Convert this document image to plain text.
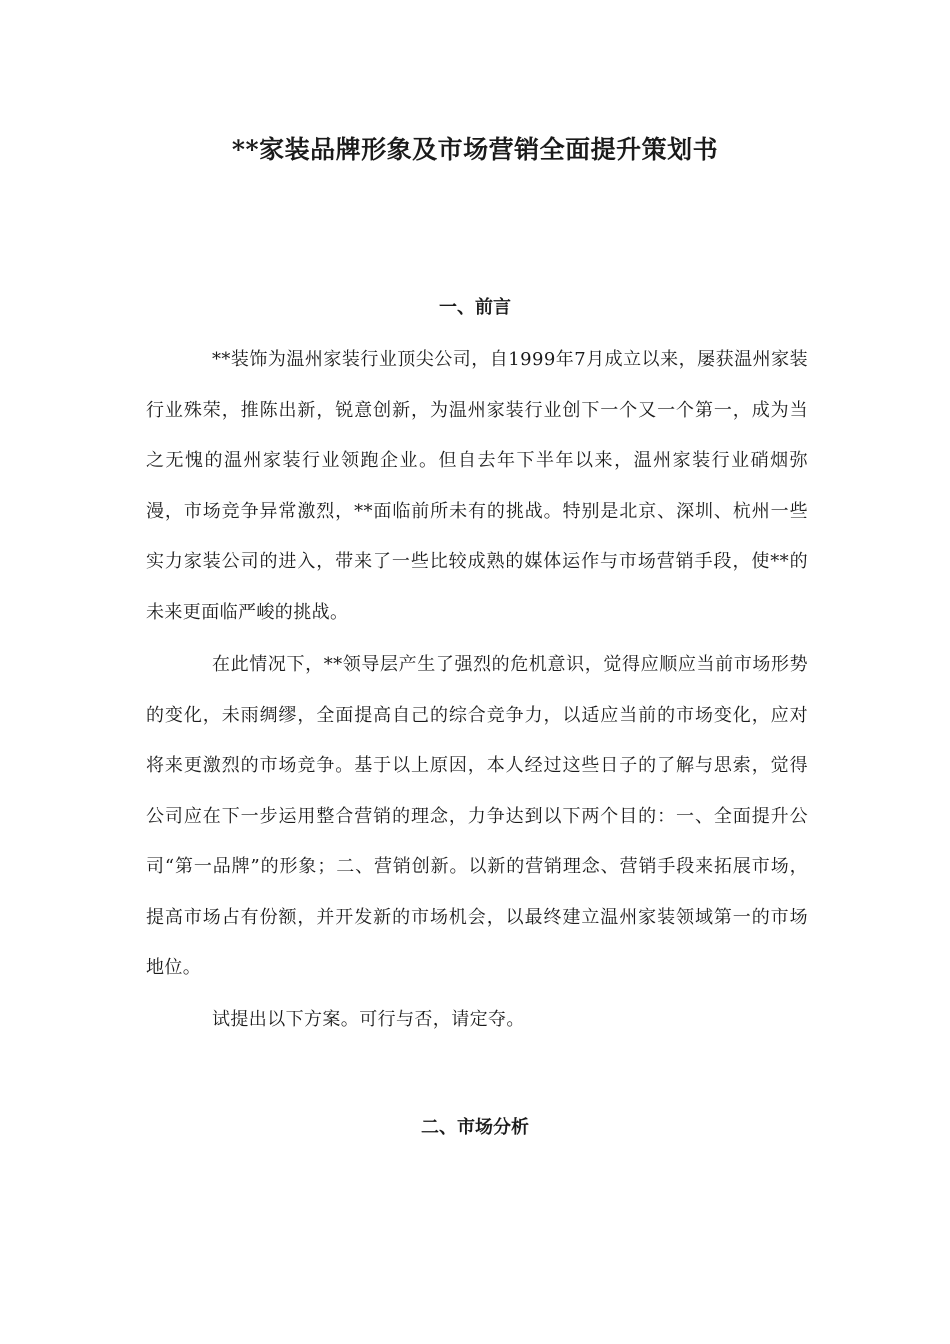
**家装品牌形象及市场营销全面提升策划书
一、前言

**装饰为温州家装行业顶尖公司，自1999年7月成立以来，屡获温州家装行业殊荣，推陈出新，锐意创新，为温州家装行业创下一个又一个第一，成为当之无愧的温州家装行业领跑企业。但自去年下半年以来，温州家装行业硝烟弥漫，市场竞争异常激烈，**面临前所未有的挑战。特别是北京、深圳、杭州一些实力家装公司的进入，带来了一些比较成熟的媒体运作与市场营销手段，使**的未来更面临严峻的挑战。

在此情况下，**领导层产生了强烈的危机意识，觉得应顺应当前市场形势的变化，未雨绸缪，全面提高自己的综合竞争力，以适应当前的市场变化，应对将来更激烈的市场竞争。基于以上原因，本人经过这些日子的了解与思索，觉得公司应在下一步运用整合营销的理念，力争达到以下两个目的：一、全面提升公司“第一品牌”的形象；二、营销创新。以新的营销理念、营销手段来拓展市场，提高市场占有份额，并开发新的市场机会，以最终建立温州家装领域第一的市场地位。

试提出以下方案。可行与否，请定夺。

二、市场分析
